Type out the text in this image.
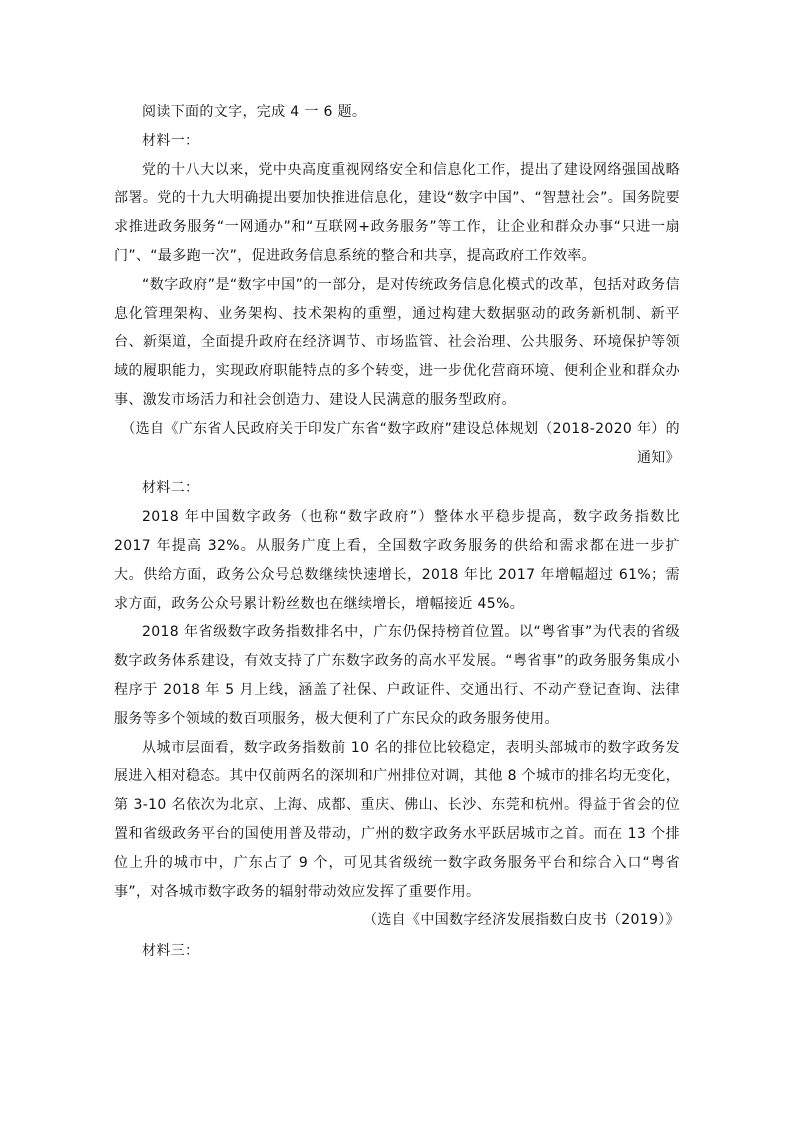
阅读下面的文字，完成 4 一 6 题。

材料一：

党的十八大以来，党中央高度重视网络安全和信息化工作，提出了建设网络强国战略部署。党的十九大明确提出要加快推进信息化，建设“数字中国”、“智慧社会”。国务院要求推进政务服务“一网通办”和“互联网+政务服务”等工作，让企业和群众办事“只进一扇门”、“最多跑一次”，促进政务信息系统的整合和共享，提高政府工作效率。

“数字政府”是“数字中国”的一部分，是对传统政务信息化模式的改革，包括对政务信息化管理架构、业务架构、技术架构的重塑，通过构建大数据驱动的政务新机制、新平台、新渠道，全面提升政府在经济调节、市场监管、社会治理、公共服务、环境保护等领域的履职能力，实现政府职能特点的多个转变，进一步优化营商环境、便利企业和群众办事、激发市场活力和社会创造力、建设人民满意的服务型政府。

（选自《广东省人民政府关于印发广东省“数字政府”建设总体规划（2018-2020 年）的通知》

材料二：

2018 年中国数字政务（也称“数字政府”）整体水平稳步提高，数字政务指数比 2017 年提高 32%。从服务广度上看，全国数字政务服务的供给和需求都在进一步扩大。供给方面，政务公众号总数继续快速增长，2018 年比 2017 年增幅超过 61%；需求方面，政务公众号累计粉丝数也在继续增长，增幅接近 45%。

2018 年省级数字政务指数排名中，广东仍保持榜首位置。以“粤省事”为代表的省级数字政务体系建设，有效支持了广东数字政务的高水平发展。“粤省事”的政务服务集成小程序于 2018 年 5 月上线，涵盖了社保、户政证件、交通出行、不动产登记查询、法律服务等多个领域的数百项服务，极大便利了广东民众的政务服务使用。

从城市层面看，数字政务指数前 10 名的排位比较稳定，表明头部城市的数字政务发展进入相对稳态。其中仅前两名的深圳和广州排位对调，其他 8 个城市的排名均无变化，第 3-10 名依次为北京、上海、成都、重庆、佛山、长沙、东莞和杭州。得益于省会的位置和省级政务平台的国使用普及带动，广州的数字政务水平跃居城市之首。而在 13 个排位上升的城市中，广东占了 9 个，可见其省级统一数字政务服务平台和综合入口“粤省事”，对各城市数字政务的辐射带动效应发挥了重要作用。

（选自《中国数字经济发展指数白皮书（2019）》

材料三：
